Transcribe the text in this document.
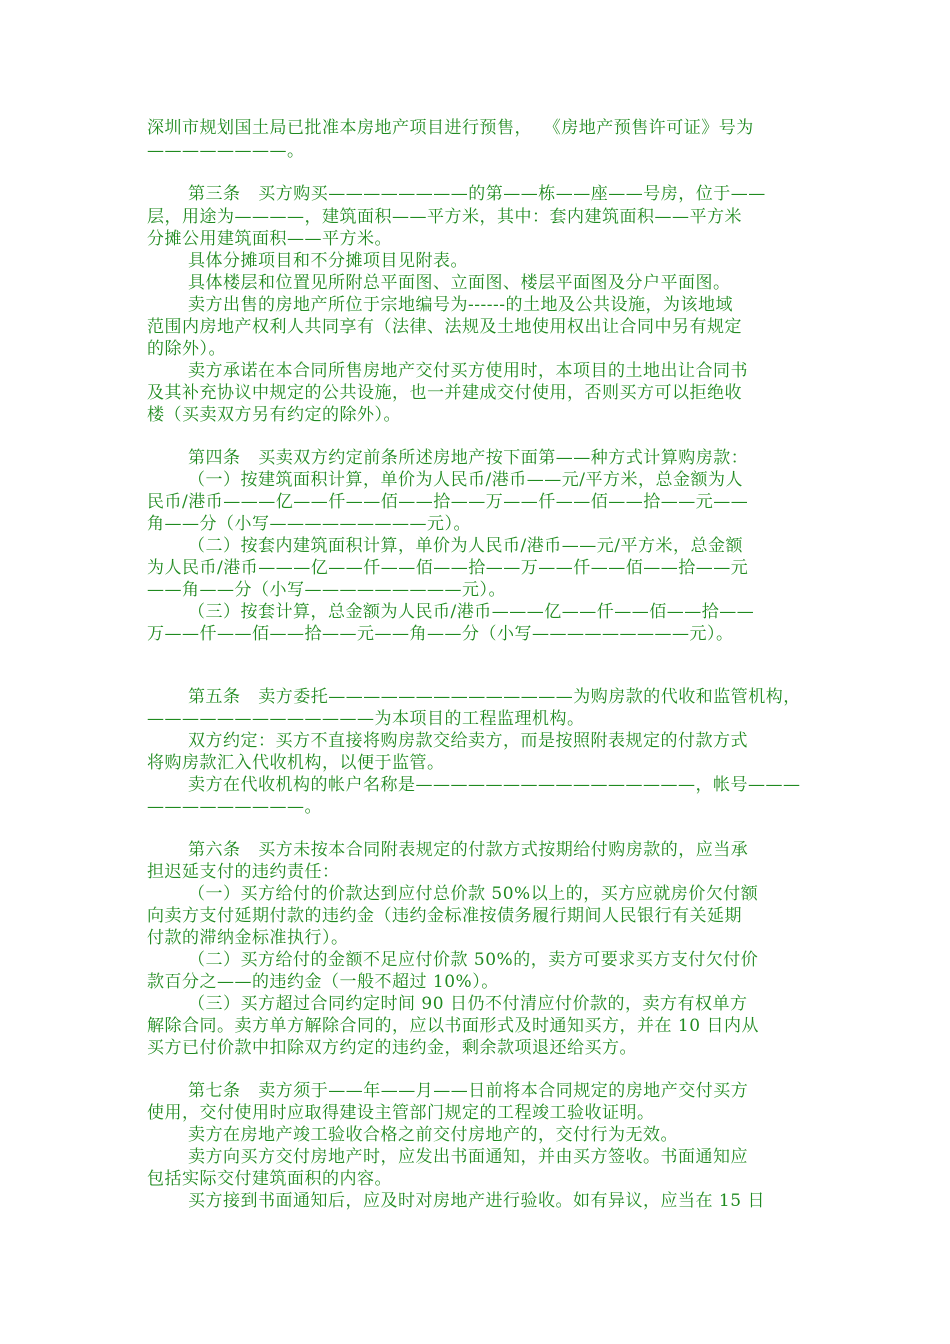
深圳市规划国土局已批准本房地产项目进行预售，  《房地产预售许可证》号为
————————。
第三条   买方购买————————的第——栋——座——号房，位于——
层，用途为————，建筑面积——平方米，其中：套内建筑面积——平方米
分摊公用建筑面积——平方米。
具体分摊项目和不分摊项目见附表。
具体楼层和位置见所附总平面图、立面图、楼层平面图及分户平面图。
卖方出售的房地产所位于宗地编号为------的土地及公共设施，为该地域
范围内房地产权利人共同享有（法律、法规及土地使用权出让合同中另有规定
的除外）。
卖方承诺在本合同所售房地产交付买方使用时，本项目的土地出让合同书
及其补充协议中规定的公共设施，也一并建成交付使用，否则买方可以拒绝收
楼（买卖双方另有约定的除外）。
第四条   买卖双方约定前条所述房地产按下面第——种方式计算购房款：
（一）按建筑面积计算，单价为人民币/港币——元/平方米，总金额为人
民币/港币———亿——仟——佰——拾——万——仟——佰——拾——元——
角——分（小写—————————元）。
（二）按套内建筑面积计算，单价为人民币/港币——元/平方米，总金额
为人民币/港币———亿——仟——佰——拾——万——仟——佰——拾——元
——角——分（小写—————————元）。
（三）按套计算，总金额为人民币/港币———亿——仟——佰——拾——
万——仟——佰——拾——元——角——分（小写—————————元）。
第五条   卖方委托——————————————为购房款的代收和监管机构，
—————————————为本项目的工程监理机构。
双方约定：买方不直接将购房款交给卖方，而是按照附表规定的付款方式
将购房款汇入代收机构，以便于监管。
卖方在代收机构的帐户名称是————————————————，帐号———
—————————。
第六条   买方未按本合同附表规定的付款方式按期给付购房款的，应当承
担迟延支付的违约责任：
（一）买方给付的价款达到应付总价款 50%以上的，买方应就房价欠付额
向卖方支付延期付款的违约金（违约金标准按债务履行期间人民银行有关延期
付款的滞纳金标准执行）。
（二）买方给付的金额不足应付价款 50%的，卖方可要求买方支付欠付价
款百分之——的违约金（一般不超过 10%）。
（三）买方超过合同约定时间 90 日仍不付清应付价款的，卖方有权单方
解除合同。卖方单方解除合同的，应以书面形式及时通知买方，并在 10 日内从
买方已付价款中扣除双方约定的违约金，剩余款项退还给买方。
第七条   卖方须于——年——月——日前将本合同规定的房地产交付买方
使用，交付使用时应取得建设主管部门规定的工程竣工验收证明。
卖方在房地产竣工验收合格之前交付房地产的，交付行为无效。
卖方向买方交付房地产时，应发出书面通知，并由买方签收。书面通知应
包括实际交付建筑面积的内容。
买方接到书面通知后，应及时对房地产进行验收。如有异议，应当在 15 日
